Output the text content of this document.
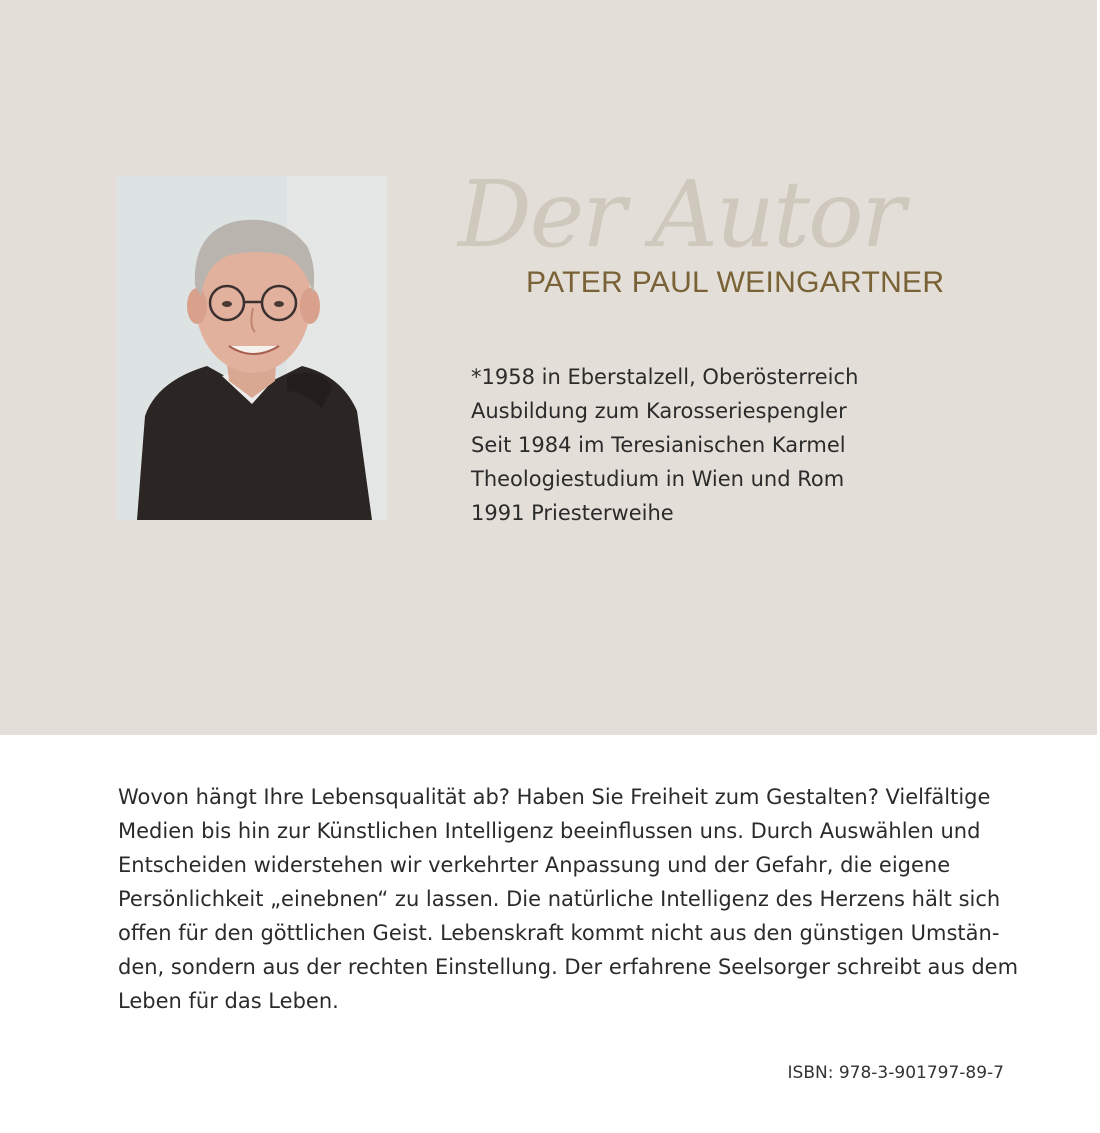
Der Autor
PATER PAUL WEINGARTNER
*1958 in Eberstalzell, Oberösterreich
Ausbildung zum Karosseriespengler
Seit 1984 im Teresianischen Karmel
Theologiestudium in Wien und Rom
1991 Priesterweihe

Wovon hängt Ihre Lebensqualität ab? Haben Sie Freiheit zum Gestalten? Vielfältige
Medien bis hin zur Künstlichen Intelligenz beeinflussen uns. Durch Auswählen und
Entscheiden widerstehen wir verkehrter Anpassung und der Gefahr, die eigene
Persönlichkeit „einebnen“ zu lassen. Die natürliche Intelligenz des Herzens hält sich
offen für den göttlichen Geist. Lebenskraft kommt nicht aus den günstigen Umstän-
den, sondern aus der rechten Einstellung. Der erfahrene Seelsorger schreibt aus dem
Leben für das Leben.

ISBN: 978-3-901797-89-7
